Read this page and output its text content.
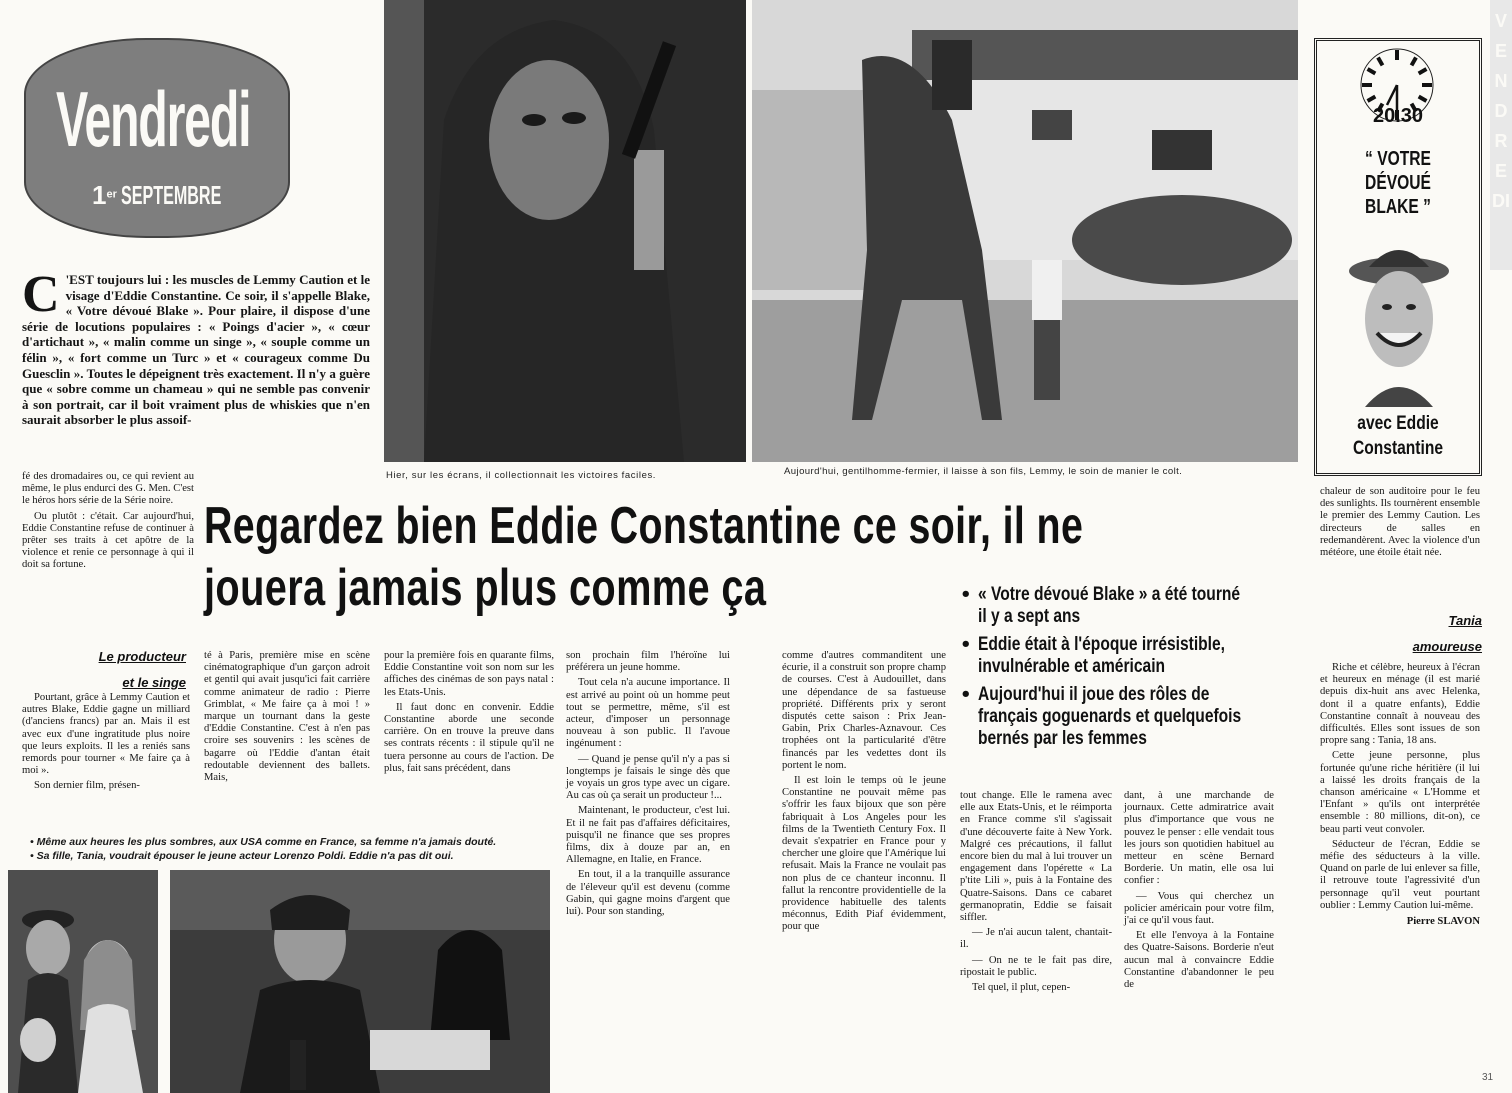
Vendredi
1er SEPTEMBRE
Hier, sur les écrans, il collectionnait les victoires faciles.	Aujourd'hui, gentilhomme-fermier, il laisse à son fils, Lemmy, le soin de manier le colt.
20.30
“ VOTRE
DÉVOUÉ
BLAKE ”
avec Eddie
Constantine
VENDREDI
C 'EST toujours lui : les muscles de Lemmy Caution et le visage d'Eddie Constantine. Ce soir, il s'appelle Blake, « Votre dévoué Blake ». Pour plaire, il dispose d'une série de locutions populaires : « Poings d'acier », « cœur d'artichaut », « malin comme un singe », « souple comme un félin », « fort comme un Turc » et « courageux comme Du Guesclin ». Toutes le dépeignent très exactement. Il n'y a guère que « sobre comme un chameau » qui ne semble pas convenir à son portrait, car il boit vraiment plus de whiskies que n'en saurait absorber le plus assoif-

fé des dromadaires ou, ce qui revient au même, le plus endurci des G. Men. C'est le héros hors série de la Série noire.

Ou plutôt : c'était. Car aujourd'hui, Eddie Constantine refuse de continuer à prêter ses traits à cet apôtre de la violence et renie ce personnage à qui il doit sa fortune.

Regardez bien Eddie Constantine ce soir, il ne
jouera jamais plus comme ça	• « Votre dévoué Blake » a été tourné
il y a sept ans
• Eddie était à l'époque irrésistible,
invulnérable et américain
• Aujourd'hui il joue des rôles de
français goguenards et quelquefois
bernés par les femmes
Le producteur
et le singe
Tania
amoureuse

Pourtant, grâce à Lemmy Caution et autres Blake, Eddie gagne un milliard (d'anciens francs) par an. Mais il est avec eux d'une ingratitude plus noire que leurs exploits. Il les a reniés sans remords pour tourner « Me faire ça à moi ».

Son dernier film, présen-

té à Paris, première mise en scène cinématographique d'un garçon adroit et gentil qui avait jusqu'ici fait carrière comme animateur de radio : Pierre Grimblat, « Me faire ça à moi ! » marque un tournant dans la geste d'Eddie Constantine. C'est à n'en pas croire ses souvenirs : les scènes de bagarre où l'Eddie d'antan était redoutable deviennent des ballets. Mais,

pour la première fois en quarante films, Eddie Constantine voit son nom sur les affiches des cinémas de son pays natal : les Etats-Unis.

Il faut donc en convenir. Eddie Constantine aborde une seconde carrière. On en trouve la preuve dans ses contrats récents : il stipule qu'il ne tuera personne au cours de l'action. De plus, fait sans précédent, dans

son prochain film l'héroïne lui préférera un jeune homme.

Tout cela n'a aucune importance. Il est arrivé au point où un homme peut tout se permettre, même, s'il est acteur, d'imposer un personnage nouveau à son public. Il l'avoue ingénument :

— Quand je pense qu'il n'y a pas si longtemps je faisais le singe dès que je voyais un gros type avec un cigare. Au cas où ça serait un producteur !...

Maintenant, le producteur, c'est lui. Et il ne fait pas d'affaires déficitaires, puisqu'il ne finance que ses propres films, dix à douze par an, en Allemagne, en Italie, en France.

En tout, il a la tranquille assurance de l'éleveur qu'il est devenu (comme Gabin, qui gagne moins d'argent que lui). Pour son standing,

comme d'autres commanditent une écurie, il a construit son propre champ de courses. C'est à Audouillet, dans une dépendance de sa fastueuse propriété. Différents prix y seront disputés cette saison : Prix Jean-Gabin, Prix Charles-Aznavour. Ces trophées ont la particularité d'être financés par les vedettes dont ils portent le nom.

Il est loin le temps où le jeune Constantine ne pouvait même pas s'offrir les faux bijoux que son père fabriquait à Los Angeles pour les films de la Twentieth Century Fox. Il devait s'expatrier en France pour y chercher une gloire que l'Amérique lui refusait. Mais la France ne voulait pas non plus de ce chanteur inconnu. Il fallut la rencontre providentielle de la providence habituelle des talents méconnus, Edith Piaf évidemment, pour que

tout change. Elle le ramena avec elle aux Etats-Unis, et le réimporta en France comme s'il s'agissait d'une découverte faite à New York. Malgré ces précautions, il fallut encore bien du mal à lui trouver un engagement dans l'opérette « La p'tite Lili », puis à la Fontaine des Quatre-Saisons. Dans ce cabaret germanopratin, Eddie se faisait siffler.

— Je n'ai aucun talent, chantait-il.

— On ne te le fait pas dire, ripostait le public.

Tel quel, il plut, cepen-

dant, à une marchande de journaux. Cette admiratrice avait plus d'importance que vous ne pouvez le penser : elle vendait tous les jours son quotidien habituel au metteur en scène Bernard Borderie. Un matin, elle osa lui confier :

— Vous qui cherchez un policier américain pour votre film, j'ai ce qu'il vous faut.

Et elle l'envoya à la Fontaine des Quatre-Saisons. Borderie n'eut aucun mal à convaincre Eddie Constantine d'abandonner le peu de

chaleur de son auditoire pour le feu des sunlights. Ils tournèrent ensemble le premier des Lemmy Caution. Les directeurs de salles en redemandèrent. Avec la violence d'un météore, une étoile était née.

Riche et célèbre, heureux à l'écran et heureux en ménage (il est marié depuis dix-huit ans avec Helenka, dont il a quatre enfants), Eddie Constantine connaît à nouveau des difficultés. Elles sont issues de son propre sang : Tania, 18 ans.

Cette jeune personne, plus fortunée qu'une riche héritière (il lui a laissé les droits français de la chanson américaine « L'Homme et l'Enfant » qu'ils ont interprétée ensemble : 80 millions, dit-on), ce beau parti veut convoler.

Séducteur de l'écran, Eddie se méfie des séducteurs à la ville. Quand on parle de lui enlever sa fille, il retrouve toute l'agressivité d'un personnage qu'il veut pourtant oublier : Lemmy Caution lui-même.

Pierre SLAVON

31
• Même aux heures les plus sombres, aux USA comme en France, sa femme n'a jamais douté.
• Sa fille, Tania, voudrait épouser le jeune acteur Lorenzo Poldi. Eddie n'a pas dit oui.
